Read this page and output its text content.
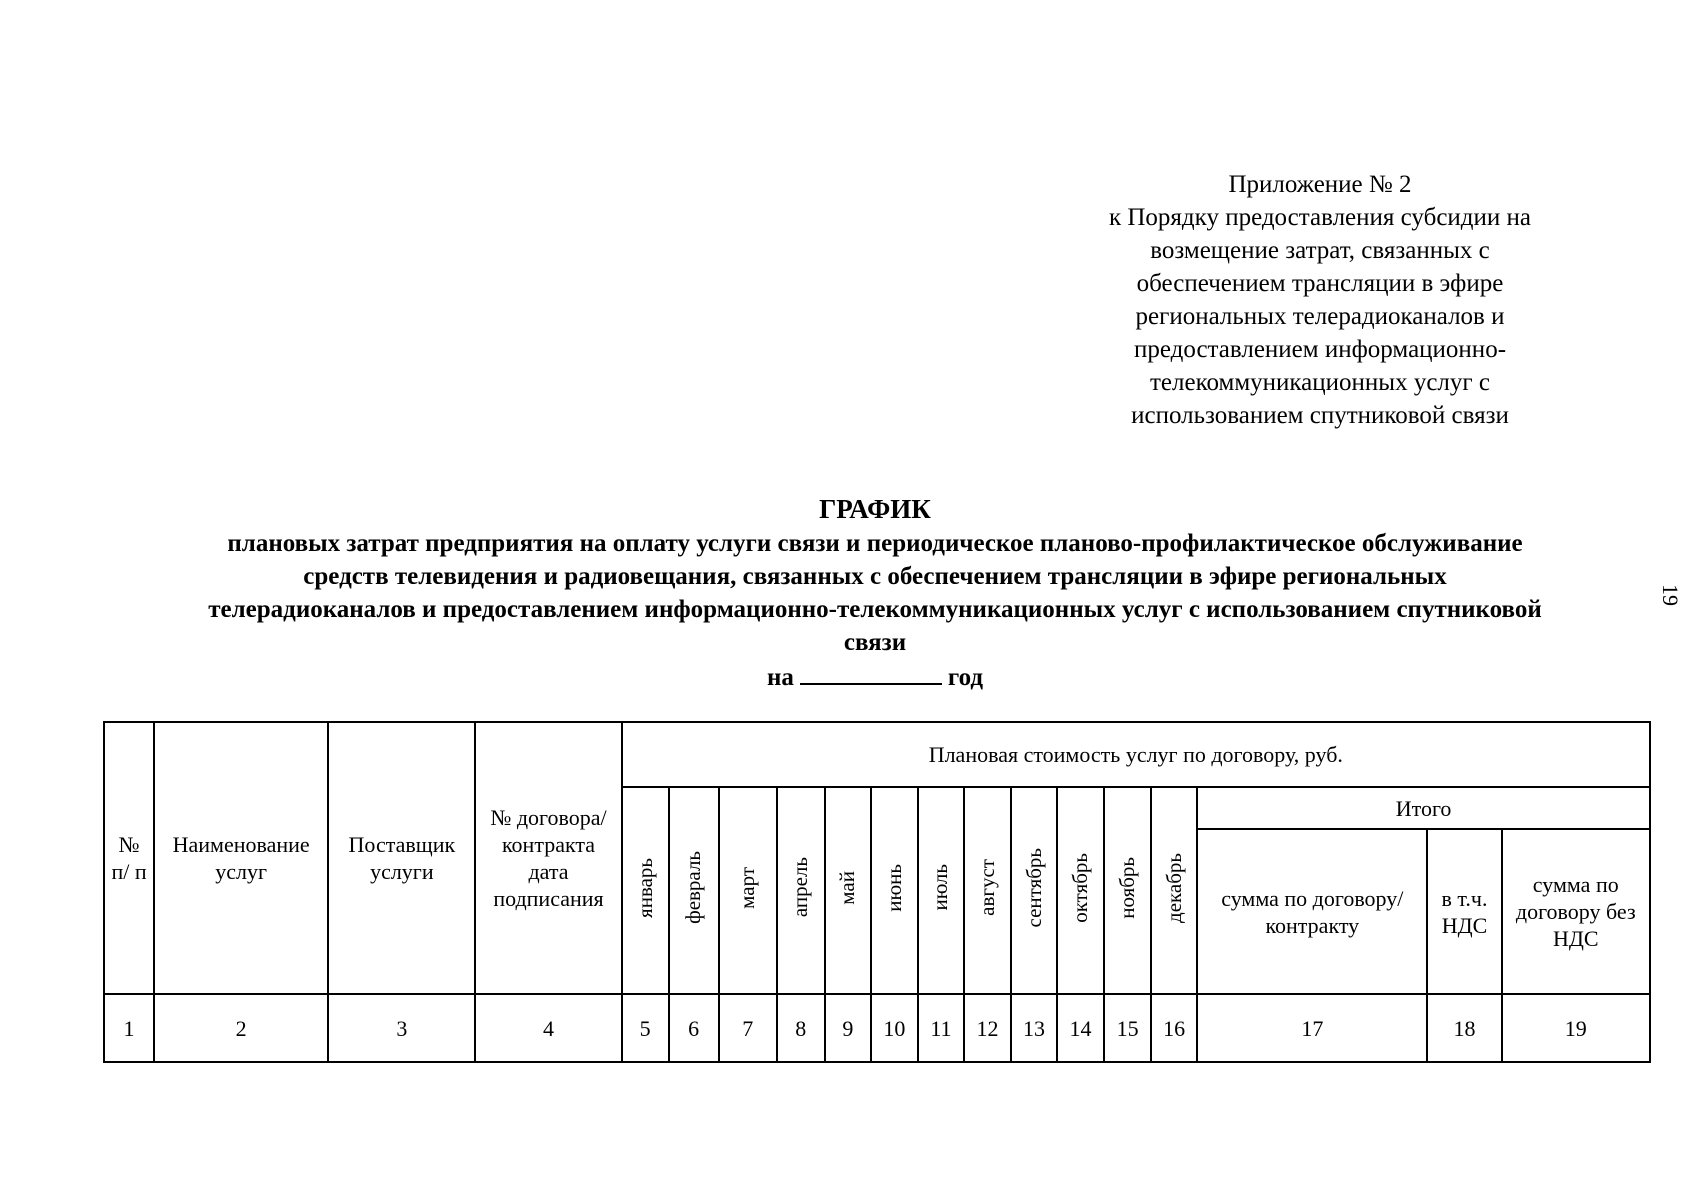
Приложение № 2
к Порядку предоставления субсидии на
возмещение затрат, связанных с
обеспечением трансляции в эфире
региональных телерадиоканалов и
предоставлением информационно-
телекоммуникационных услуг с
использованием спутниковой связи
19
ГРАФИК
плановых затрат предприятия на оплату услуги связи и периодическое планово-профилактическое обслуживание
средств телевидения и радиовещания, связанных с обеспечением трансляции в эфире региональных
телерадиоканалов и предоставлением информационно-телекоммуникационных услуг с использованием спутниковой
связи
на	год
№ п/ п	Наименование услуг	Поставщик услуги	№ договора/ контракта дата подписания	Плановая стоимость услуг по договору, руб.														
				январь	февраль	март	апрель	май	июнь	июль	август	сентябрь	октябрь	ноябрь	декабрь	Итого		
																сумма по договору/контракту	в т.ч. НДС	сумма по договору без НДС
1	2	3	4	5	6	7	8	9	10	11	12	13	14	15	16	17	18	19
